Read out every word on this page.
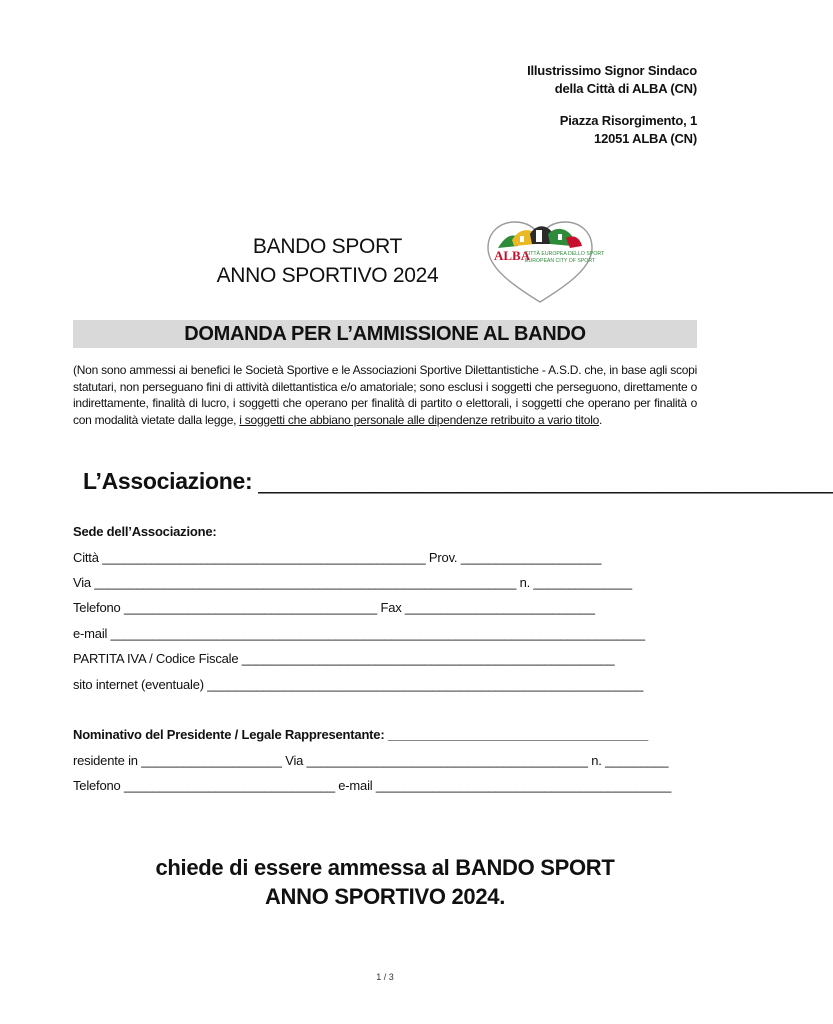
Illustrissimo Signor Sindaco
della Città di ALBA (CN)
Piazza Risorgimento, 1
12051 ALBA (CN)
BANDO SPORT
ANNO SPORTIVO 2024
ALBA
CITTÀ EUROPEA DELLO SPORT
EUROPEAN CITY OF SPORT
DOMANDA PER L’AMMISSIONE AL BANDO
(Non sono ammessi ai benefici le Società Sportive e le Associazioni Sportive Dilettantistiche - A.S.D. che, in base agli scopi statutari, non perseguano fini di attività dilettantistica e/o amatoriale; sono esclusi i soggetti che perseguono, direttamente o indirettamente, finalità di lucro, i soggetti che operano per finalità di partito o elettorali, i soggetti che operano per finalità o con modalità vietate dalla legge, i soggetti che abbiano personale alle dipendenze retribuito a vario titolo.
L’Associazione: ______________________________________________
Sede dell’Associazione:
Città ______________________________________________ Prov. ____________________
Via ____________________________________________________________ n. ______________
Telefono ____________________________________ Fax ___________________________
e-mail ____________________________________________________________________________
PARTITA IVA / Codice Fiscale _____________________________________________________
sito internet (eventuale) ______________________________________________________________
Nominativo del Presidente / Legale Rappresentante: _____________________________________
residente in ____________________ Via ________________________________________ n. _________
Telefono ______________________________ e-mail __________________________________________
chiede di essere ammessa al BANDO SPORT
ANNO SPORTIVO 2024.
1 / 3
